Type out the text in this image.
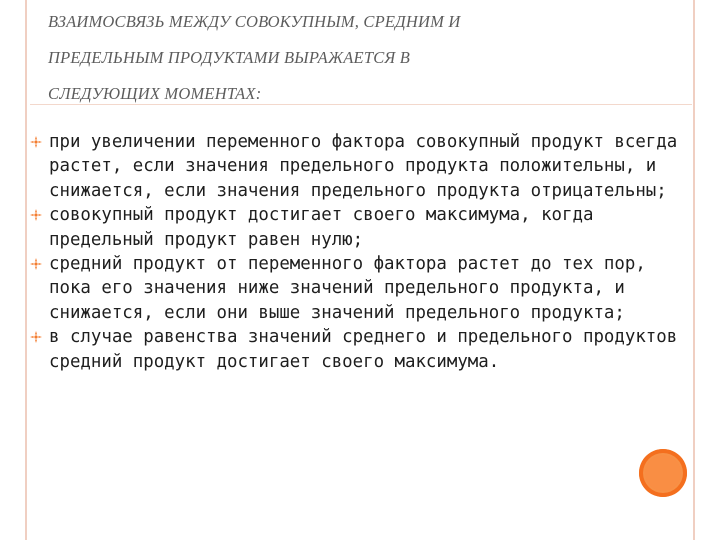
ВЗАИМОСВЯЗЬ МЕЖДУ СОВОКУПНЫМ, СРЕДНИМ И
ПРЕДЕЛЬНЫМ ПРОДУКТАМИ ВЫРАЖАЕТСЯ В
СЛЕДУЮЩИХ МОМЕНТАХ:
при увеличении переменного фактора совокупный продукт всегда растет, если значения предельного продукта положительны, и снижается, если значения предельного продукта отрицательны;
совокупный продукт достигает своего максимума, когда предельный продукт равен нулю;
средний продукт от переменного фактора растет до тех пор, пока его значения ниже значений предельного продукта, и снижается, если они выше значений предельного продукта;
в случае равенства значений среднего и предельного продуктов средний продукт достигает своего максимума.
